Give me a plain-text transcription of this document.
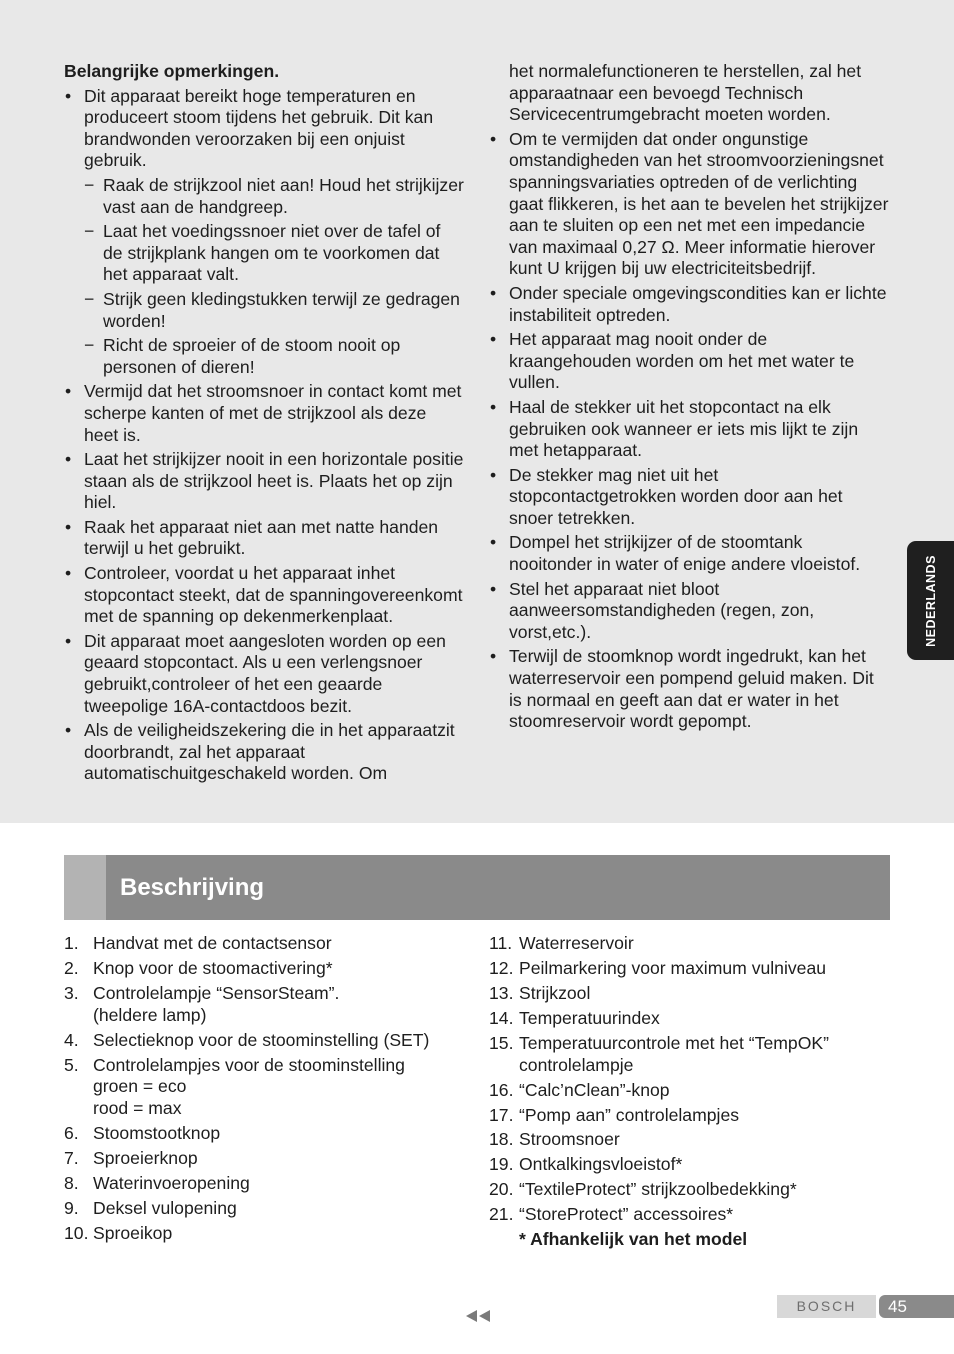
Belangrijke opmerkingen.
• Dit apparaat bereikt hoge temperaturen en produceert stoom tijdens het gebruik. Dit kan brandwonden veroorzaken bij een onjuist gebruik.
− Raak de strijkzool niet aan! Houd het strijkijzer vast aan de handgreep.
− Laat het voedingssnoer niet over de tafel of de strijkplank hangen om te voorkomen dat het apparaat valt.
− Strijk geen kledingstukken terwijl ze gedragen worden!
− Richt de sproeier of de stoom nooit op personen of dieren!
• Vermijd dat het stroomsnoer in contact komt met scherpe kanten of met de strijkzool als deze heet is.
• Laat het strijkijzer nooit in een horizontale positie staan als de strijkzool heet is. Plaats het op zijn hiel.
• Raak het apparaat niet aan met natte handen terwijl u het gebruikt.
• Controleer, voordat u het apparaat inhet stopcontact steekt, dat de spanningovereenkomt met de spanning op dekenmerkenplaat.
• Dit apparaat moet aangesloten worden op een geaard stopcontact. Als u een verlengsnoer gebruikt,controleer of het een geaarde tweepolige 16A-contactdoos bezit.
• Als de veiligheidszekering die in het apparaatzit doorbrandt, zal het apparaat automatischuitgeschakeld worden. Om
het normalefunctioneren te herstellen, zal het apparaatnaar een bevoegd Technisch Servicecentrumgebracht moeten worden.
• Om te vermijden dat onder ongunstige omstandigheden van het stroomvoorzieningsnet spanningsvariaties optreden of de verlichting gaat flikkeren, is het aan te bevelen het strijkijzer aan te sluiten op een net met een impedancie van maximaal 0,27 Ω. Meer informatie hierover kunt U krijgen bij uw electriciteitsbedrijf.
• Onder speciale omgevingscondities kan er lichte instabiliteit optreden.
• Het apparaat mag nooit onder de kraangehouden worden om het met water te vullen.
• Haal de stekker uit het stopcontact na elk gebruiken ook wanneer er iets mis lijkt te zijn met hetapparaat.
• De stekker mag niet uit het stopcontactgetrokken worden door aan het snoer tetrekken.
• Dompel het strijkijzer of de stoomtank nooitonder in water of enige andere vloeistof.
• Stel het apparaat niet bloot aanweersomstandigheden (regen, zon, vorst,etc.).
• Terwijl de stoomknop wordt ingedrukt, kan het waterreservoir een pompend geluid maken. Dit is normaal en geeft aan dat er water in het stoomreservoir wordt gepompt.
NEDERLANDS
Beschrijving
1. Handvat met de contactsensor
2. Knop voor de stoomactivering*
3. Controlelampje “SensorSteam”.
(heldere lamp)
4. Selectieknop voor de stoominstelling (SET)
5. Controlelampjes voor de stoominstelling
groen = eco
rood = max
6. Stoomstootknop
7. Sproeierknop
8. Waterinvoeropening
9. Deksel vulopening
10. Sproeikop
11. Waterreservoir
12. Peilmarkering voor maximum vulniveau
13. Strijkzool
14. Temperatuurindex
15. Temperatuurcontrole met het “TempOK”
controlelampje
16. “Calc’nClean”-knop
17. “Pomp aan” controlelampjes
18. Stroomsnoer
19. Ontkalkingsvloeistof*
20. “TextileProtect” strijkzoolbedekking*
21. “StoreProtect” accessoires*
* Afhankelijk van het model
BOSCH	45
